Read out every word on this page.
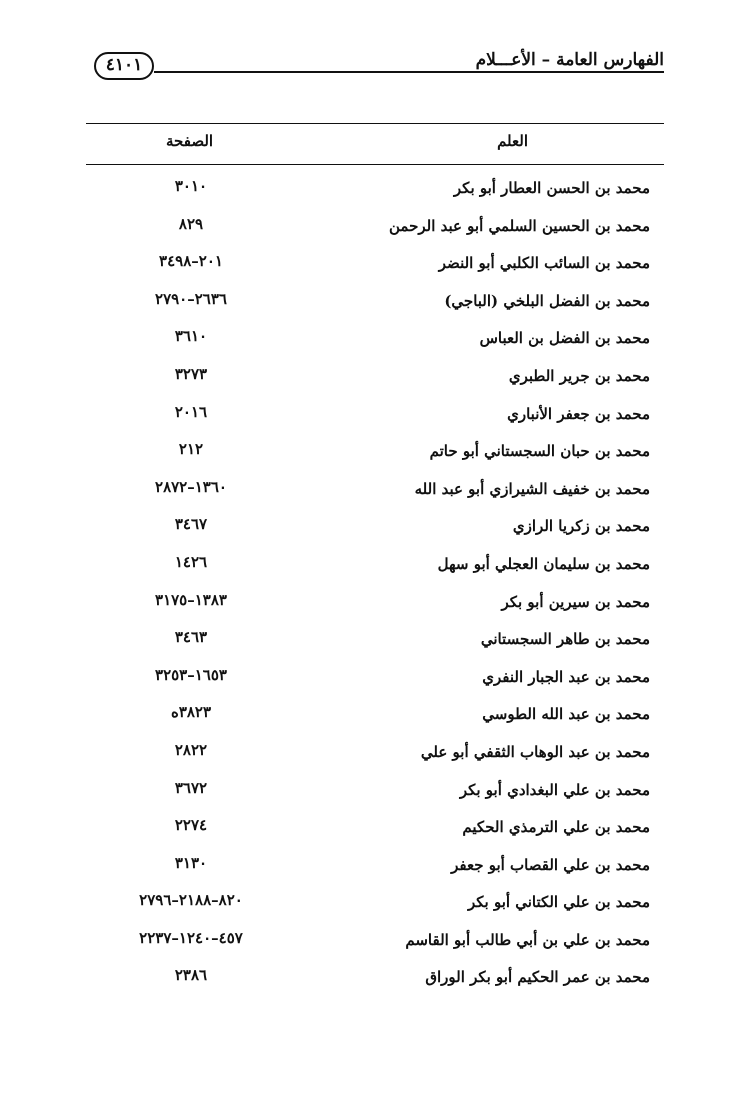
٤١٠١	الفهارس العامة – الأعـــلام
العلم
الصفحة
محمد بن الحسن العطار أبو بكر
٣٠١٠
محمد بن الحسين السلمي أبو عبد الرحمن
٨٢٩
محمد بن السائب الكلبي أبو النضر
٢٠١–٣٤٩٨
محمد بن الفضل البلخي (الباجي)
٢٦٣٦–٢٧٩٠
محمد بن الفضل بن العباس
٣٦١٠
محمد بن جرير الطبري
٣٢٧٣
محمد بن جعفر الأنباري
٢٠١٦
محمد بن حبان السجستاني أبو حاتم
٢١٢
محمد بن خفيف الشيرازي أبو عبد الله
١٣٦٠–٢٨٧٢
محمد بن زكريا الرازي
٣٤٦٧
محمد بن سليمان العجلي أبو سهل
١٤٢٦
محمد بن سيرين أبو بكر
١٣٨٣–٣١٧٥
محمد بن طاهر السجستاني
٣٤٦٣
محمد بن عبد الجبار النفري
١٦٥٣–٣٢٥٣
محمد بن عبد الله الطوسي
٣٨٢٣ه
محمد بن عبد الوهاب الثقفي أبو علي
٢٨٢٢
محمد بن علي البغدادي أبو بكر
٣٦٧٢
محمد بن علي الترمذي الحكيم
٢٢٧٤
محمد بن علي القصاب أبو جعفر
٣١٣٠
محمد بن علي الكتاني أبو بكر
٨٢٠–٢١٨٨–٢٧٩٦
محمد بن علي بن أبي طالب أبو القاسم
٤٥٧–١٢٤٠–٢٢٣٧
محمد بن عمر الحكيم أبو بكر الوراق
٢٣٨٦
